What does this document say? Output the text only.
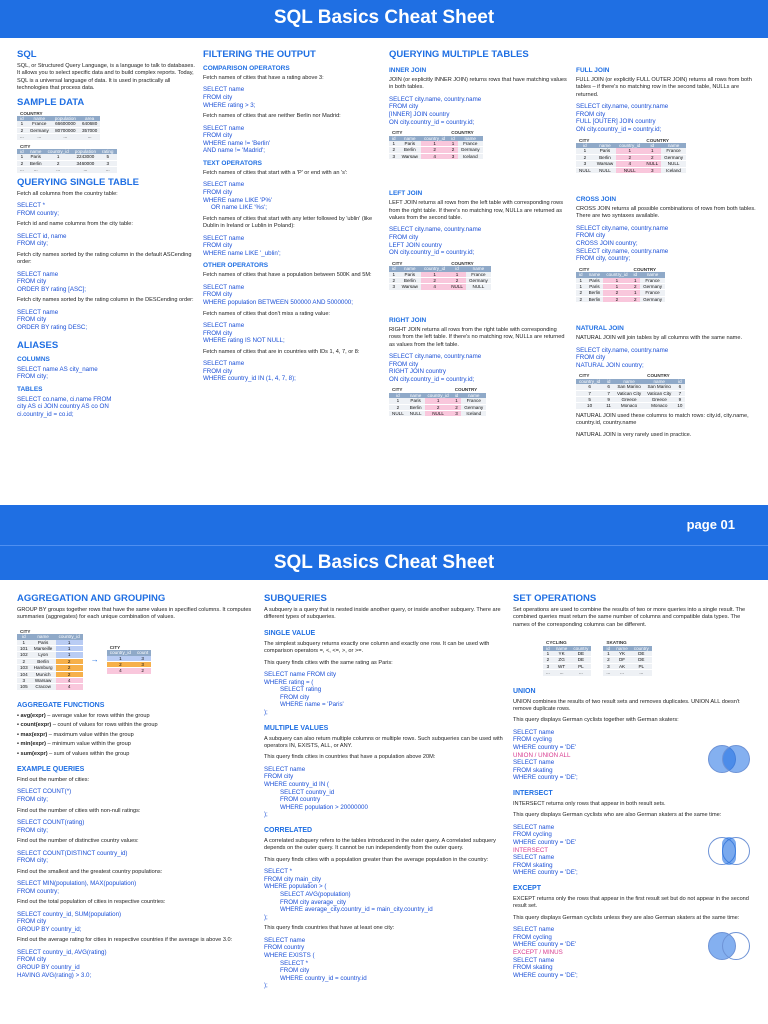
SQL Basics Cheat Sheet
SQL
SQL, or Structured Query Language, is a language to talk to databases. It allows you to select specific data and to build complex reports. Today, SQL is a universal language of data. It is used in practically all technologies that process data.
SAMPLE DATA
COUNTRY			
id	name	population	area
1	France	66600000	640680
2	Germany	80700000	357000
...	...	...	...
CITY				
id	name	country_id	population	rating
1	Paris	1	2243000	5
2	Berlin	2	3460000	3
...	...	...	...	...
QUERYING SINGLE TABLE
Fetch all columns from the country table:
SELECT *
FROM country;
Fetch id and name columns from the city table:
SELECT id, name
FROM city;
Fetch city names sorted by the rating column in the default ASCending order:
SELECT name
FROM city
ORDER BY rating [ASC];
Fetch city names sorted by the rating column in the DESCending order:
SELECT name
FROM city
ORDER BY rating DESC;
ALIASES
COLUMNS
SELECT name AS city_name
FROM city;
TABLES
SELECT co.name, ci.name FROM
city AS ci JOIN country AS co ON
ci.country_id = co.id;
FILTERING THE OUTPUT
COMPARISON OPERATORS
Fetch names of cities that have a rating above 3:
SELECT name
FROM city
WHERE rating > 3;
Fetch names of cities that are neither Berlin nor Madrid:
SELECT name
FROM city
WHERE name != 'Berlin'
AND name != 'Madrid';
TEXT OPERATORS
Fetch names of cities that start with a 'P' or end with an 's':
SELECT name
FROM city
WHERE name LIKE 'P%'
OR name LIKE '%s';
Fetch names of cities that start with any letter followed by 'ublin' (like Dublin in Ireland or Lublin in Poland):
SELECT name
FROM city
WHERE name LIKE '_ublin';
OTHER OPERATORS
Fetch names of cities that have a population between 500K and 5M:
SELECT name
FROM city
WHERE population BETWEEN 500000 AND 5000000;
Fetch names of cities that don't miss a rating value:
SELECT name
FROM city
WHERE rating IS NOT NULL;
Fetch names of cities that are in countries with IDs 1, 4, 7, or 8:
SELECT name
FROM city
WHERE country_id IN (1, 4, 7, 8);
QUERYING MULTIPLE TABLES
INNER JOIN
JOIN (or explicitly INNER JOIN) returns rows that have matching values in both tables.
SELECT city.name, country.name
FROM city
[INNER] JOIN country
ON city.country_id = country.id;
CITY			COUNTRY	
id	name	country_id	id	name
1	Paris	1	1	France
2	Berlin	2	2	Germany
3	Warsaw	4	3	Iceland
LEFT JOIN
LEFT JOIN returns all rows from the left table with corresponding rows from the right table. If there's no matching row, NULLs are returned as values from the second table.
SELECT city.name, country.name
FROM city
LEFT JOIN country
ON city.country_id = country.id;
CITY			COUNTRY	
id	name	country_id	id	name
1	Paris	1	1	France
2	Berlin	2	2	Germany
3	Warsaw	4	NULL	NULL
RIGHT JOIN
RIGHT JOIN returns all rows from the right table with corresponding rows from the left table. If there's no matching row, NULLs are returned as values from the left table.
SELECT city.name, country.name
FROM city
RIGHT JOIN country
ON city.country_id = country.id;
CITY			COUNTRY	
id	name	country_id	id	name
1	Paris	1	1	France
2	Berlin	2	2	Germany
NULL	NULL	NULL	3	Iceland
FULL JOIN
FULL JOIN (or explicitly FULL OUTER JOIN) returns all rows from both tables – if there's no matching row in the second table, NULLs are returned.
SELECT city.name, country.name
FROM city
FULL [OUTER] JOIN country
ON city.country_id = country.id;
CITY			COUNTRY	
id	name	country_id	id	name
1	Paris	1	1	France
2	Berlin	2	2	Germany
3	Warsaw	4	NULL	NULL
NULL	NULL	NULL	3	Iceland
CROSS JOIN
CROSS JOIN returns all possible combinations of rows from both tables. There are two syntaxes available.
SELECT city.name, country.name
FROM city
CROSS JOIN country;
SELECT city.name, country.name
FROM city, country;
CITY			COUNTRY	
id	name	country_id	id	name
1	Paris	1	1	France
1	Paris	1	2	Germany
2	Berlin	2	1	France
2	Berlin	2	2	Germany
NATURAL JOIN
NATURAL JOIN will join tables by all columns with the same name.
SELECT city.name, country.name
FROM city
NATURAL JOIN country;
CITY			COUNTRY	
country_id	id	name	name	id
6	6	San Marino	San Marino	6
7	7	Vatican City	Vatican City	7
5	9	Greece	Greece	9
10	11	Monaco	Monaco	10
NATURAL JOIN used these columns to match rows: city.id, city.name, country.id, country.name
NATURAL JOIN is very rarely used in practice.
page 01
SQL Basics Cheat Sheet
AGGREGATION AND GROUPING
GROUP BY groups together rows that have the same values in specified columns. It computes summaries (aggregates) for each unique combination of values.
CITY		
id	name	country_id
1	Paris	1
101	Marseille	1
102	Lyon	1
2	Berlin	2
103	Hamburg	2
104	Munich	2
3	Warsaw	4
105	Cracow	4
→
CITY	
country_id	count
1	3
2	3
4	2
AGGREGATE FUNCTIONS
• avg(expr) – average value for rows within the group
• count(expr) – count of values for rows within the group
• max(expr) – maximum value within the group
• min(expr) – minimum value within the group
• sum(expr) – sum of values within the group
EXAMPLE QUERIES
Find out the number of cities:
SELECT COUNT(*)
FROM city;
Find out the number of cities with non-null ratings:
SELECT COUNT(rating)
FROM city;
Find out the number of distinctive country values:
SELECT COUNT(DISTINCT country_id)
FROM city;
Find out the smallest and the greatest country populations:
SELECT MIN(population), MAX(population)
FROM country;
Find out the total population of cities in respective countries:
SELECT country_id, SUM(population)
FROM city
GROUP BY country_id;
Find out the average rating for cities in respective countries if the average is above 3.0:
SELECT country_id, AVG(rating)
FROM city
GROUP BY country_id
HAVING AVG(rating) > 3.0;
SUBQUERIES
A subquery is a query that is nested inside another query, or inside another subquery. There are different types of subqueries.
SINGLE VALUE
The simplest subquery returns exactly one column and exactly one row. It can be used with comparison operators =, <, <=, >, or >=.
This query finds cities with the same rating as Paris:
SELECT name FROM city
WHERE rating = (
SELECT rating
FROM city
WHERE name = 'Paris'
);
MULTIPLE VALUES
A subquery can also return multiple columns or multiple rows. Such subqueries can be used with operators IN, EXISTS, ALL, or ANY.
This query finds cities in countries that have a population above 20M:
SELECT name
FROM city
WHERE country_id IN (
SELECT country_id
FROM country
WHERE population > 20000000
);
CORRELATED
A correlated subquery refers to the tables introduced in the outer query. A correlated subquery depends on the outer query. It cannot be run independently from the outer query.
This query finds cities with a population greater than the average population in the country:
SELECT *
FROM city main_city
WHERE population > (
SELECT AVG(population)
FROM city average_city
WHERE average_city.country_id = main_city.country_id
);
This query finds countries that have at least one city:
SELECT name
FROM country
WHERE EXISTS (
SELECT *
FROM city
WHERE country_id = country.id
);
SET OPERATIONS
Set operations are used to combine the results of two or more queries into a single result. The combined queries must return the same number of columns and compatible data types. The names of the corresponding columns can be different.
CYCLING		
id	name	country
1	YK	DE
2	ZG	DE
3	WT	PL
...	...	...
SKATING		
id	name	country
1	YK	DE
2	DF	DE
3	AK	PL
...	...	...
UNION
UNION combines the results of two result sets and removes duplicates. UNION ALL doesn't remove duplicate rows.
This query displays German cyclists together with German skaters:
SELECT name
FROM cycling
WHERE country = 'DE'
UNION / UNION ALL
SELECT name
FROM skating
WHERE country = 'DE';
INTERSECT
INTERSECT returns only rows that appear in both result sets.
This query displays German cyclists who are also German skaters at the same time:
SELECT name
FROM cycling
WHERE country = 'DE'
INTERSECT
SELECT name
FROM skating
WHERE country = 'DE';
EXCEPT
EXCEPT returns only the rows that appear in the first result set but do not appear in the second result set.
This query displays German cyclists unless they are also German skaters at the same time:
SELECT name
FROM cycling
WHERE country = 'DE'
EXCEPT / MINUS
SELECT name
FROM skating
WHERE country = 'DE';
